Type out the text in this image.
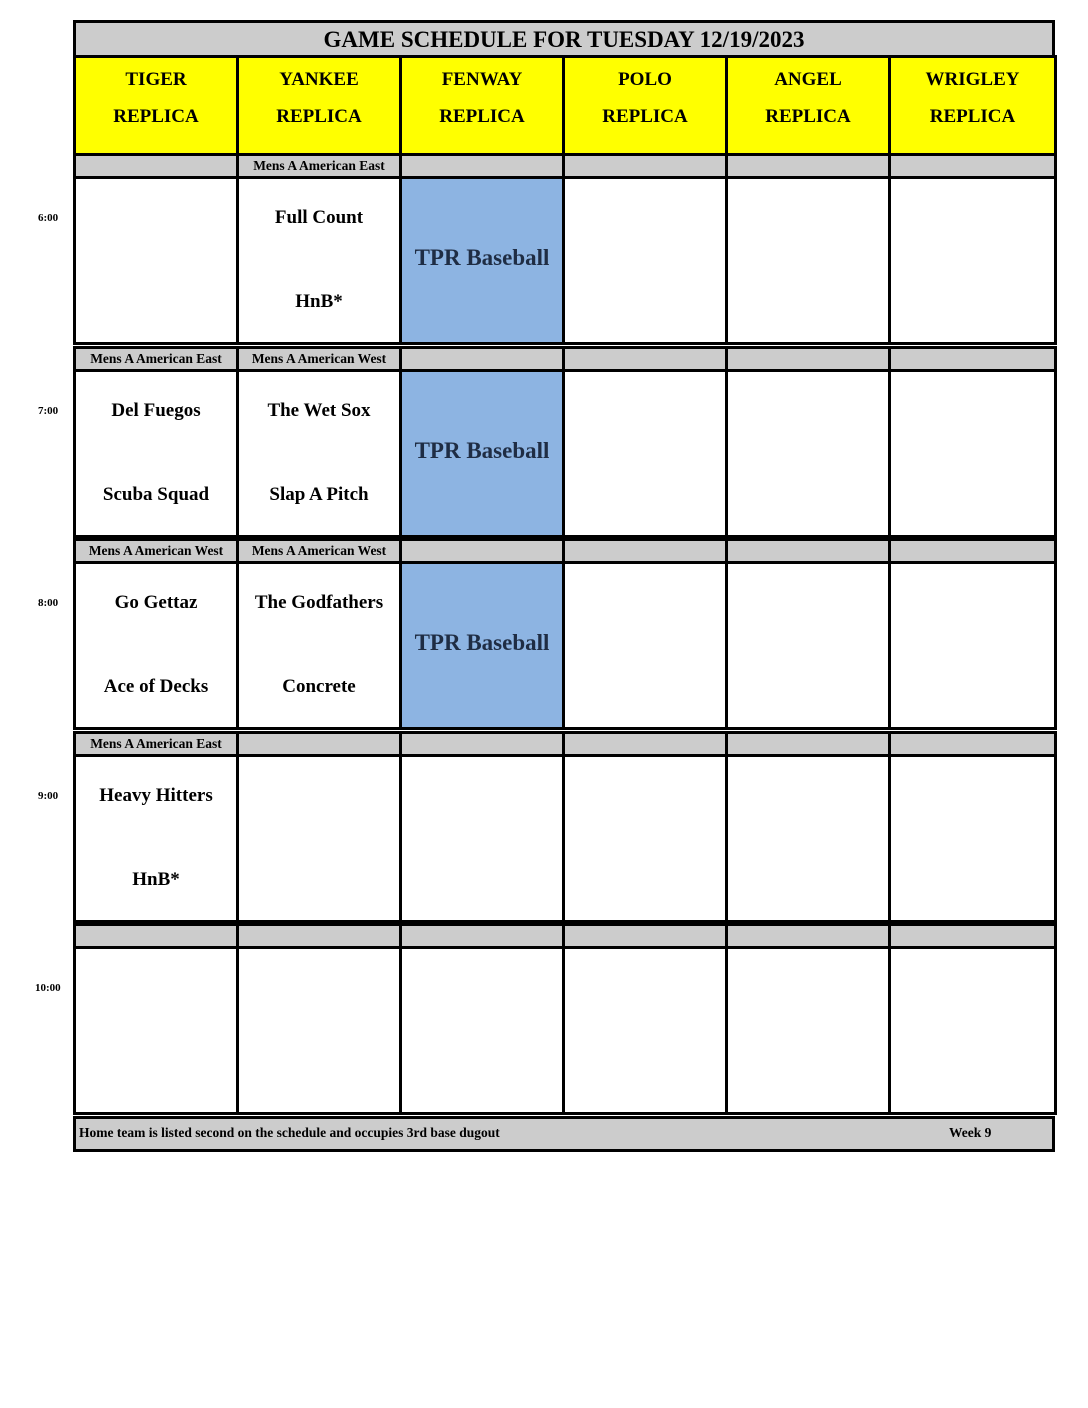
GAME SCHEDULE FOR TUESDAY 12/19/2023
TIGER
REPLICA
YANKEE
REPLICA
FENWAY
REPLICA
POLO
REPLICA
ANGEL
REPLICA
WRIGLEY
REPLICA
Mens A American East
Full Count
HnB*
TPR Baseball
Mens A American East
Del Fuegos
Scuba Squad
Mens A American West
The Wet Sox
Slap A Pitch
TPR Baseball
Mens A American West
Go Gettaz
Ace of Decks
Mens A American West
The Godfathers
Concrete
TPR Baseball
Mens A American East
Heavy Hitters
HnB*
Home team is listed second on the schedule and occupies 3rd base dugout	Week 9
6:00
7:00
8:00
9:00
10:00
